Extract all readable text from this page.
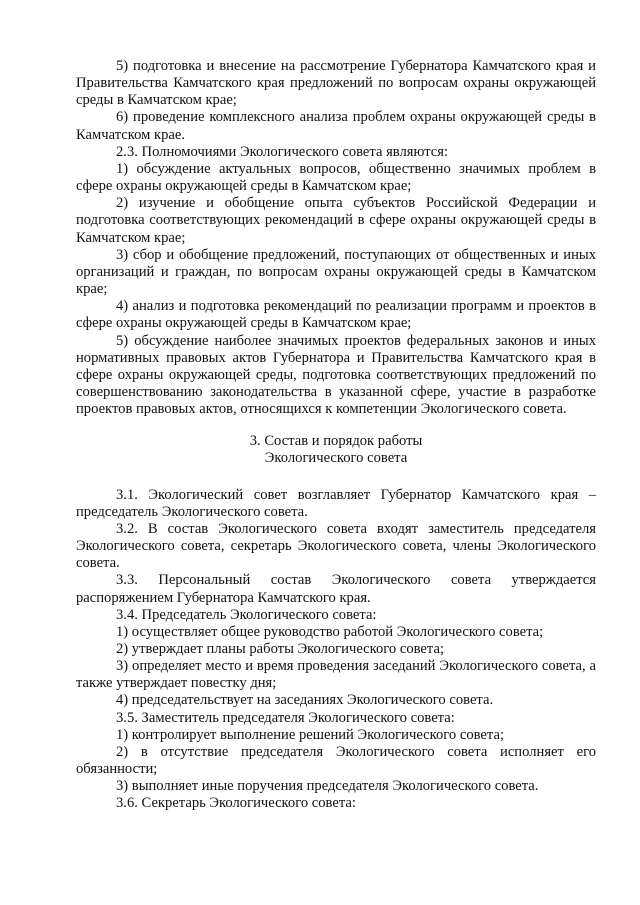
5) подготовка и внесение на рассмотрение Губернатора Камчатского края и Правительства Камчатского края предложений по вопросам охраны окружающей среды в Камчатском крае;

6) проведение комплексного анализа проблем охраны окружающей среды в Камчатском крае.

2.3. Полномочиями Экологического совета являются:

1) обсуждение актуальных вопросов, общественно значимых проблем в сфере охраны окружающей среды в Камчатском крае;

2) изучение и обобщение опыта субъектов Российской Федерации и подготовка соответствующих рекомендаций в сфере охраны окружающей среды в Камчатском крае;

3) сбор и обобщение предложений, поступающих от общественных и иных организаций и граждан, по вопросам охраны окружающей среды в Камчатском крае;

4) анализ и подготовка рекомендаций по реализации программ и проектов в сфере охраны окружающей среды в Камчатском крае;

5) обсуждение наиболее значимых проектов федеральных законов и иных нормативных правовых актов Губернатора и Правительства Камчатского края в сфере охраны окружающей среды, подготовка соответствующих предложений по совершенствованию законодательства в указанной сфере, участие в разработке проектов правовых актов, относящихся к компетенции Экологического совета.

3. Состав и порядок работы

Экологического совета

3.1. Экологический совет возглавляет Губернатор Камчатского края – председатель Экологического совета.

3.2. В состав Экологического совета входят заместитель председателя Экологического совета, секретарь Экологического совета, члены Экологического совета.

3.3. Персональный состав Экологического совета утверждается распоряжением Губернатора Камчатского края.

3.4. Председатель Экологического совета:

1) осуществляет общее руководство работой Экологического совета;

2) утверждает планы работы Экологического совета;

3) определяет место и время проведения заседаний Экологического совета, а также утверждает повестку дня;

4) председательствует на заседаниях Экологического совета.

3.5. Заместитель председателя Экологического совета:

1) контролирует выполнение решений Экологического совета;

2) в отсутствие председателя Экологического совета исполняет его обязанности;

3) выполняет иные поручения председателя Экологического совета.

3.6. Секретарь Экологического совета:
